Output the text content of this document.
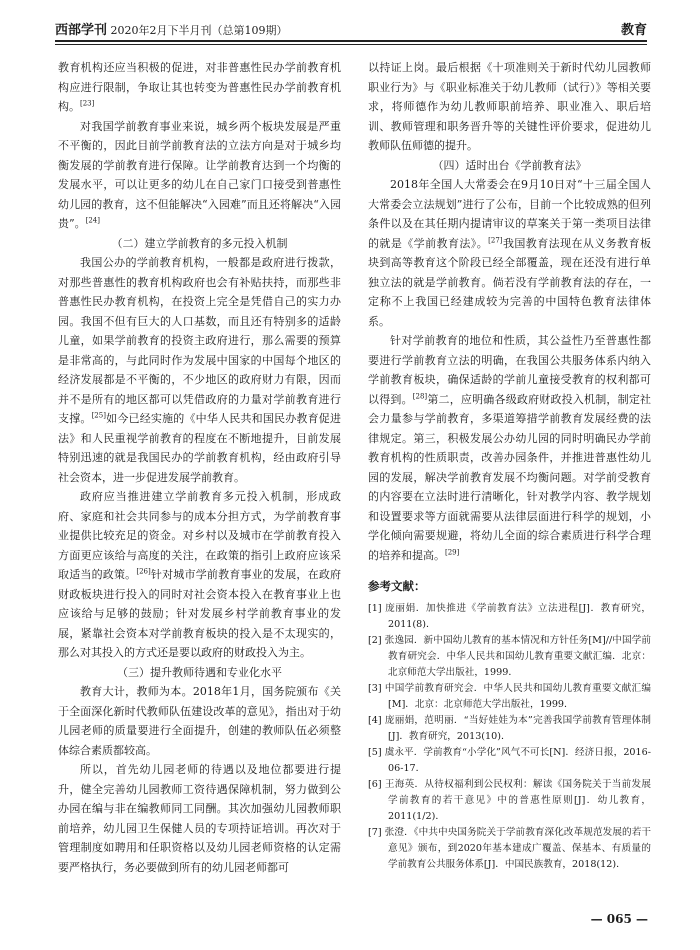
西部学刊 2020年2月下半月刊（总第109期）	教育

教育机构还应当积极的促进，对非普惠性民办学前教育机构应进行限制，争取让其也转变为普惠性民办学前教育机构。[23]

对我国学前教育事业来说，城乡两个板块发展是严重不平衡的，因此目前学前教育法的立法方向是对于城乡均衡发展的学前教育进行保障。让学前教育达到一个均衡的发展水平，可以让更多的幼儿在自己家门口接受到普惠性幼儿园的教育，这不但能解决“入园难”而且还将解决“入园贵”。[24]

（二）建立学前教育的多元投入机制

我国公办的学前教育机构，一般都是政府进行拨款，对那些普惠性的教育机构政府也会有补贴扶持，而那些非普惠性民办教育机构，在投资上完全是凭借自己的实力办园。我国不但有巨大的人口基数，而且还有特别多的适龄儿童，如果学前教育的投资主政府进行，那么需要的预算是非常高的，与此同时作为发展中国家的中国每个地区的经济发展都是不平衡的，不少地区的政府财力有限，因而并不是所有的地区都可以凭借政府的力量对学前教育进行支撑。[25]如今已经实施的《中华人民共和国民办教育促进法》和人民重视学前教育的程度在不断地提升，目前发展特别迅速的就是我国民办的学前教育机构，经由政府引导社会资本，进一步促进发展学前教育。

政府应当推进建立学前教育多元投入机制，形成政府、家庭和社会共同参与的成本分担方式，为学前教育事业提供比较充足的资金。对乡村以及城市在学前教育投入方面更应该给与高度的关注，在政策的指引上政府应该采取适当的政策。[26]针对城市学前教育事业的发展，在政府财政板块进行投入的同时对社会资本投入在教育事业上也应该给与足够的鼓励；针对发展乡村学前教育事业的发展，紧靠社会资本对学前教育板块的投入是不太现实的，那么对其投入的方式还是要以政府的财政投入为主。

（三）提升教师待遇和专业化水平

教育大计，教师为本。2018年1月，国务院颁布《关于全面深化新时代教师队伍建设改革的意见》，指出对于幼儿园老师的质量要进行全面提升，创建的教师队伍必须整体综合素质都较高。

所以，首先幼儿园老师的待遇以及地位都要进行提升，健全完善幼儿园教师工资待遇保障机制，努力做到公办园在编与非在编教师同工同酬。其次加强幼儿园教师职前培养，幼儿园卫生保健人员的专项持证培训。再次对于管理制度如聘用和任职资格以及幼儿园老师资格的认定需要严格执行，务必要做到所有的幼儿园老师都可

以持证上岗。最后根据《十项准则关于新时代幼儿园教师职业行为》与《职业标准关于幼儿教师（试行）》等相关要求，将师德作为幼儿教师职前培养、职业准入、职后培训、教师管理和职务晋升等的关键性评价要求，促进幼儿教师队伍师德的提升。

（四）适时出台《学前教育法》

2018年全国人大常委会在9月10日对“十三届全国人大常委会立法规划”进行了公布，目前一个比较成熟的但列条件以及在其任期内提请审议的草案关于第一类项目法律的就是《学前教育法》。[27]我国教育法现在从义务教育板块到高等教育这个阶段已经全部覆盖，现在还没有进行单独立法的就是学前教育。倘若没有学前教育法的存在，一定称不上我国已经建成较为完善的中国特色教育法律体系。

针对学前教育的地位和性质，其公益性乃至普惠性都要进行学前教育立法的明确，在我国公共服务体系内纳入学前教育板块，确保适龄的学前儿童接受教育的权利都可以得到。[28]第二，应明确各级政府财政投入机制，制定社会力量参与学前教育，多渠道筹措学前教育发展经费的法律规定。第三，积极发展公办幼儿园的同时明确民办学前教育机构的性质职责，改善办园条件，并推进普惠性幼儿园的发展，解决学前教育发展不均衡问题。对学前受教育的内容要在立法时进行清晰化，针对教学内容、教学规划和设置要求等方面就需要从法律层面进行科学的规划，小学化倾向需要规避，将幼儿全面的综合素质进行科学合理的培养和提高。[29]

参考文献：
[1] 庞丽娟．加快推进《学前教育法》立法进程[J]．教育研究，2011(8)．
[2] 张逸园．新中国幼儿教育的基本情况和方针任务[M]//中国学前教育研究会．中华人民共和国幼儿教育重要文献汇编．北京：北京师范大学出版社，1999．
[3] 中国学前教育研究会．中华人民共和国幼儿教育重要文献汇编[M]．北京：北京师范大学出版社，1999．
[4] 庞丽娟，范明丽．“当好娃娃为本”完善我国学前教育管理体制[J]．教育研究，2013(10)．
[5] 虞永平．学前教育“小学化”风气不可长[N]．经济日报，2016-06-17．
[6] 王海英．从待权福利到公民权利：解读《国务院关于当前发展学前教育的若干意见》中的普惠性原则[J]．幼儿教育，2011(1/2)．
[7] 张澄．《中共中央国务院关于学前教育深化改革规范发展的若干意见》颁布，到2020年基本建成广覆盖、保基本、有质量的学前教育公共服务体系[J]．中国民族教育，2018(12)．
— 065 —
